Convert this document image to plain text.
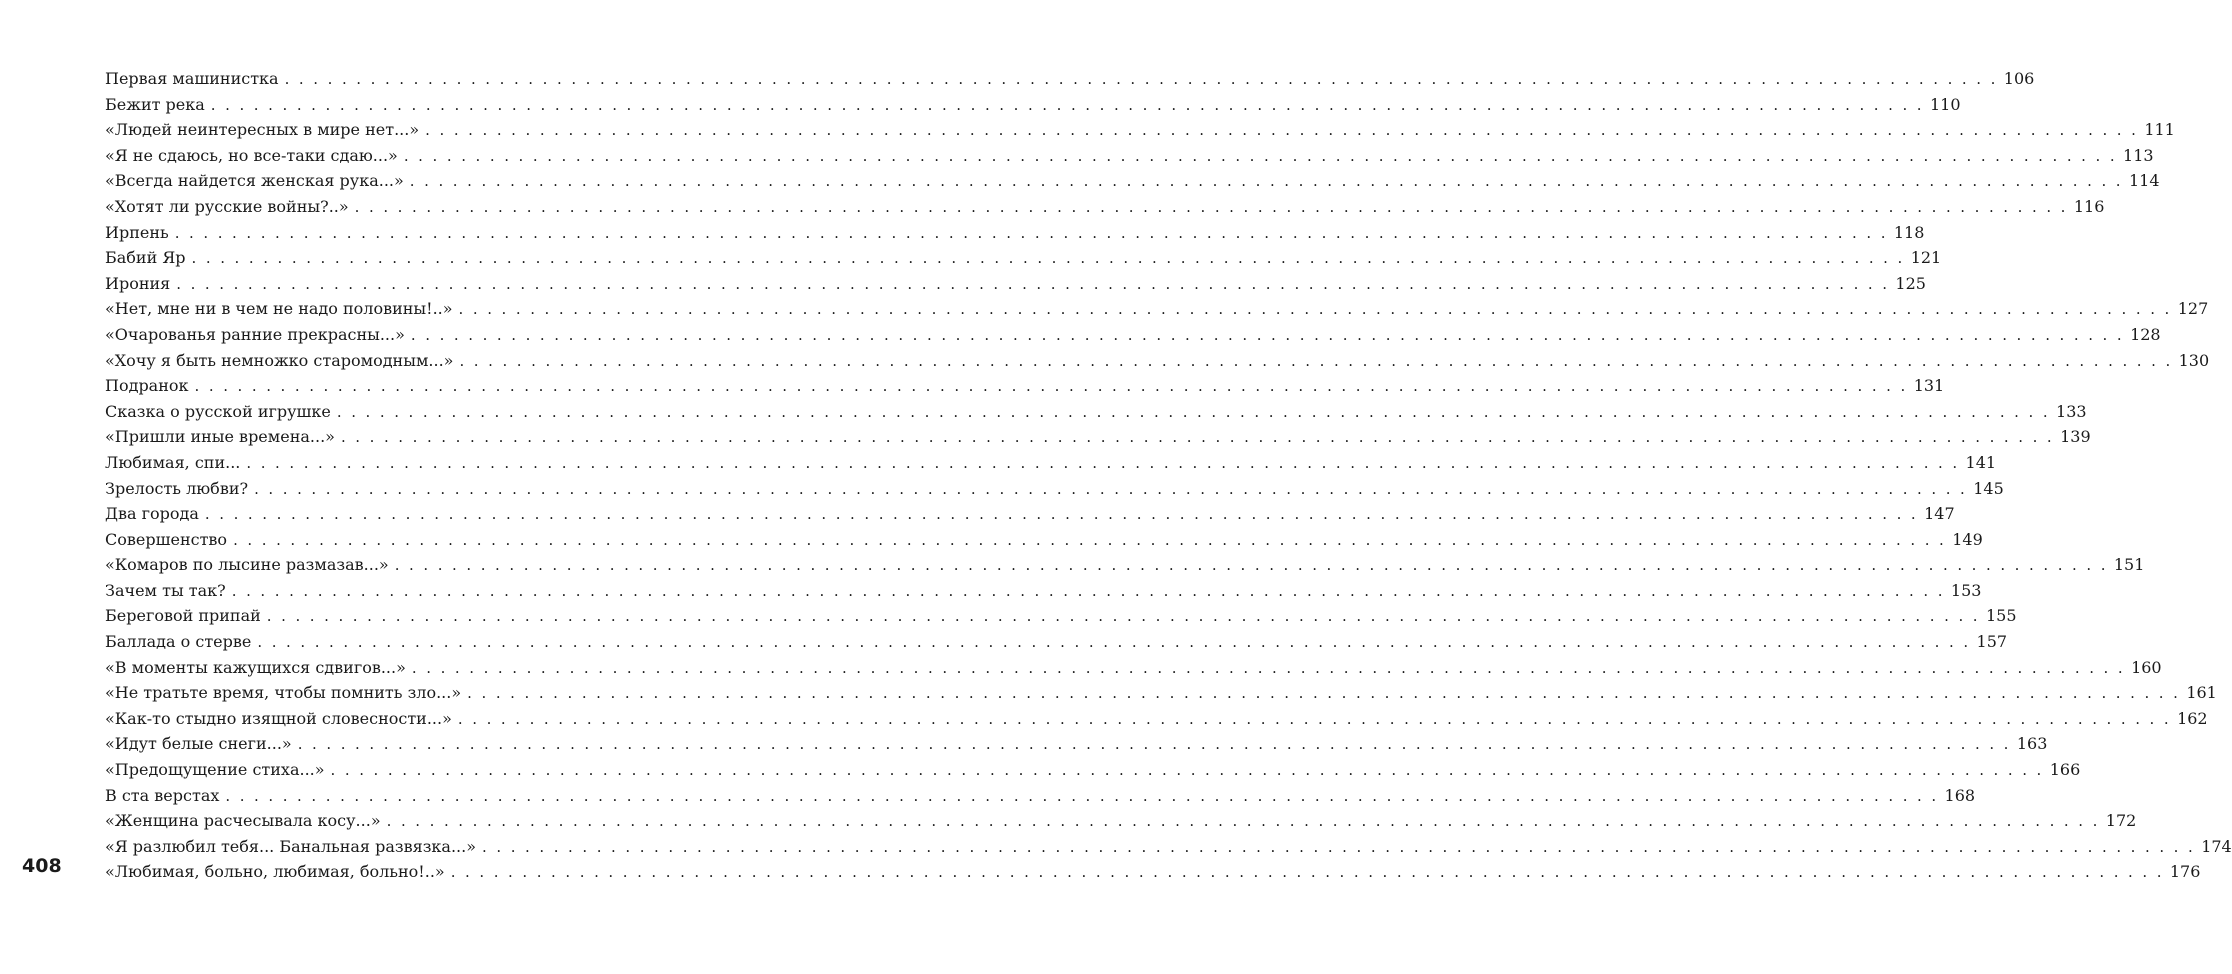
408
Первая машинистка . . . . . . . . . . . . . . . . . . . . . . . . . . . . . . . . . . . . . . . . . . . . . . . . . . . . . . . . . . . . . . . . . . . . . . . . . . . . . . . . . . . . . . . . . . . . . . . . . . . . . . . . . . . . . . . . . . . . . . . . 106
Бежит река . . . . . . . . . . . . . . . . . . . . . . . . . . . . . . . . . . . . . . . . . . . . . . . . . . . . . . . . . . . . . . . . . . . . . . . . . . . . . . . . . . . . . . . . . . . . . . . . . . . . . . . . . . . . . . . . . . . . . . . . 110
«Людей неинтересных в мире нет...» . . . . . . . . . . . . . . . . . . . . . . . . . . . . . . . . . . . . . . . . . . . . . . . . . . . . . . . . . . . . . . . . . . . . . . . . . . . . . . . . . . . . . . . . . . . . . . . . . . . . . . . . . . . . . . . . . . . . . . . . 111
«Я не сдаюсь, но все-таки сдаю...» . . . . . . . . . . . . . . . . . . . . . . . . . . . . . . . . . . . . . . . . . . . . . . . . . . . . . . . . . . . . . . . . . . . . . . . . . . . . . . . . . . . . . . . . . . . . . . . . . . . . . . . . . . . . . . . . . . . . . . . . 113
«Всегда найдется женская рука...» . . . . . . . . . . . . . . . . . . . . . . . . . . . . . . . . . . . . . . . . . . . . . . . . . . . . . . . . . . . . . . . . . . . . . . . . . . . . . . . . . . . . . . . . . . . . . . . . . . . . . . . . . . . . . . . . . . . . . . . . 114
«Хотят ли русские войны?..» . . . . . . . . . . . . . . . . . . . . . . . . . . . . . . . . . . . . . . . . . . . . . . . . . . . . . . . . . . . . . . . . . . . . . . . . . . . . . . . . . . . . . . . . . . . . . . . . . . . . . . . . . . . . . . . . . . . . . . . . 116
Ирпень . . . . . . . . . . . . . . . . . . . . . . . . . . . . . . . . . . . . . . . . . . . . . . . . . . . . . . . . . . . . . . . . . . . . . . . . . . . . . . . . . . . . . . . . . . . . . . . . . . . . . . . . . . . . . . . . . . . . . . . . 118
Бабий Яр . . . . . . . . . . . . . . . . . . . . . . . . . . . . . . . . . . . . . . . . . . . . . . . . . . . . . . . . . . . . . . . . . . . . . . . . . . . . . . . . . . . . . . . . . . . . . . . . . . . . . . . . . . . . . . . . . . . . . . . . 121
Ирония . . . . . . . . . . . . . . . . . . . . . . . . . . . . . . . . . . . . . . . . . . . . . . . . . . . . . . . . . . . . . . . . . . . . . . . . . . . . . . . . . . . . . . . . . . . . . . . . . . . . . . . . . . . . . . . . . . . . . . . . 125
«Нет, мне ни в чем не надо половины!..» . . . . . . . . . . . . . . . . . . . . . . . . . . . . . . . . . . . . . . . . . . . . . . . . . . . . . . . . . . . . . . . . . . . . . . . . . . . . . . . . . . . . . . . . . . . . . . . . . . . . . . . . . . . . . . . . . . . . . . . . 127
«Очарованья ранние прекрасны...» . . . . . . . . . . . . . . . . . . . . . . . . . . . . . . . . . . . . . . . . . . . . . . . . . . . . . . . . . . . . . . . . . . . . . . . . . . . . . . . . . . . . . . . . . . . . . . . . . . . . . . . . . . . . . . . . . . . . . . . . 128
«Хочу я быть немножко старомодным...» . . . . . . . . . . . . . . . . . . . . . . . . . . . . . . . . . . . . . . . . . . . . . . . . . . . . . . . . . . . . . . . . . . . . . . . . . . . . . . . . . . . . . . . . . . . . . . . . . . . . . . . . . . . . . . . . . . . . . . . . 130
Подранок . . . . . . . . . . . . . . . . . . . . . . . . . . . . . . . . . . . . . . . . . . . . . . . . . . . . . . . . . . . . . . . . . . . . . . . . . . . . . . . . . . . . . . . . . . . . . . . . . . . . . . . . . . . . . . . . . . . . . . . . 131
Сказка о русской игрушке . . . . . . . . . . . . . . . . . . . . . . . . . . . . . . . . . . . . . . . . . . . . . . . . . . . . . . . . . . . . . . . . . . . . . . . . . . . . . . . . . . . . . . . . . . . . . . . . . . . . . . . . . . . . . . . . . . . . . . . . 133
«Пришли иные времена...» . . . . . . . . . . . . . . . . . . . . . . . . . . . . . . . . . . . . . . . . . . . . . . . . . . . . . . . . . . . . . . . . . . . . . . . . . . . . . . . . . . . . . . . . . . . . . . . . . . . . . . . . . . . . . . . . . . . . . . . . 139
Любимая, спи... . . . . . . . . . . . . . . . . . . . . . . . . . . . . . . . . . . . . . . . . . . . . . . . . . . . . . . . . . . . . . . . . . . . . . . . . . . . . . . . . . . . . . . . . . . . . . . . . . . . . . . . . . . . . . . . . . . . . . . . . 141
Зрелость любви? . . . . . . . . . . . . . . . . . . . . . . . . . . . . . . . . . . . . . . . . . . . . . . . . . . . . . . . . . . . . . . . . . . . . . . . . . . . . . . . . . . . . . . . . . . . . . . . . . . . . . . . . . . . . . . . . . . . . . . . . 145
Два города . . . . . . . . . . . . . . . . . . . . . . . . . . . . . . . . . . . . . . . . . . . . . . . . . . . . . . . . . . . . . . . . . . . . . . . . . . . . . . . . . . . . . . . . . . . . . . . . . . . . . . . . . . . . . . . . . . . . . . . . 147
Совершенство . . . . . . . . . . . . . . . . . . . . . . . . . . . . . . . . . . . . . . . . . . . . . . . . . . . . . . . . . . . . . . . . . . . . . . . . . . . . . . . . . . . . . . . . . . . . . . . . . . . . . . . . . . . . . . . . . . . . . . . . 149
«Комаров по лысине размазав...» . . . . . . . . . . . . . . . . . . . . . . . . . . . . . . . . . . . . . . . . . . . . . . . . . . . . . . . . . . . . . . . . . . . . . . . . . . . . . . . . . . . . . . . . . . . . . . . . . . . . . . . . . . . . . . . . . . . . . . . . 151
Зачем ты так? . . . . . . . . . . . . . . . . . . . . . . . . . . . . . . . . . . . . . . . . . . . . . . . . . . . . . . . . . . . . . . . . . . . . . . . . . . . . . . . . . . . . . . . . . . . . . . . . . . . . . . . . . . . . . . . . . . . . . . . . 153
Береговой припай . . . . . . . . . . . . . . . . . . . . . . . . . . . . . . . . . . . . . . . . . . . . . . . . . . . . . . . . . . . . . . . . . . . . . . . . . . . . . . . . . . . . . . . . . . . . . . . . . . . . . . . . . . . . . . . . . . . . . . . . 155
Баллада о стерве . . . . . . . . . . . . . . . . . . . . . . . . . . . . . . . . . . . . . . . . . . . . . . . . . . . . . . . . . . . . . . . . . . . . . . . . . . . . . . . . . . . . . . . . . . . . . . . . . . . . . . . . . . . . . . . . . . . . . . . . 157
«В моменты кажущихся сдвигов...» . . . . . . . . . . . . . . . . . . . . . . . . . . . . . . . . . . . . . . . . . . . . . . . . . . . . . . . . . . . . . . . . . . . . . . . . . . . . . . . . . . . . . . . . . . . . . . . . . . . . . . . . . . . . . . . . . . . . . . . . 160
«Не тратьте время, чтобы помнить зло...» . . . . . . . . . . . . . . . . . . . . . . . . . . . . . . . . . . . . . . . . . . . . . . . . . . . . . . . . . . . . . . . . . . . . . . . . . . . . . . . . . . . . . . . . . . . . . . . . . . . . . . . . . . . . . . . . . . . . . . . . 161
«Как-то стыдно изящной словесности...» . . . . . . . . . . . . . . . . . . . . . . . . . . . . . . . . . . . . . . . . . . . . . . . . . . . . . . . . . . . . . . . . . . . . . . . . . . . . . . . . . . . . . . . . . . . . . . . . . . . . . . . . . . . . . . . . . . . . . . . . 162
«Идут белые снеги...» . . . . . . . . . . . . . . . . . . . . . . . . . . . . . . . . . . . . . . . . . . . . . . . . . . . . . . . . . . . . . . . . . . . . . . . . . . . . . . . . . . . . . . . . . . . . . . . . . . . . . . . . . . . . . . . . . . . . . . . . 163
«Предощущение стиха...» . . . . . . . . . . . . . . . . . . . . . . . . . . . . . . . . . . . . . . . . . . . . . . . . . . . . . . . . . . . . . . . . . . . . . . . . . . . . . . . . . . . . . . . . . . . . . . . . . . . . . . . . . . . . . . . . . . . . . . . . 166
В ста верстах . . . . . . . . . . . . . . . . . . . . . . . . . . . . . . . . . . . . . . . . . . . . . . . . . . . . . . . . . . . . . . . . . . . . . . . . . . . . . . . . . . . . . . . . . . . . . . . . . . . . . . . . . . . . . . . . . . . . . . . . 168
«Женщина расчесывала косу...» . . . . . . . . . . . . . . . . . . . . . . . . . . . . . . . . . . . . . . . . . . . . . . . . . . . . . . . . . . . . . . . . . . . . . . . . . . . . . . . . . . . . . . . . . . . . . . . . . . . . . . . . . . . . . . . . . . . . . . . . 172
«Я разлюбил тебя... Банальная развязка...» . . . . . . . . . . . . . . . . . . . . . . . . . . . . . . . . . . . . . . . . . . . . . . . . . . . . . . . . . . . . . . . . . . . . . . . . . . . . . . . . . . . . . . . . . . . . . . . . . . . . . . . . . . . . . . . . . . . . . . . . 174
«Любимая, больно, любимая, больно!..» . . . . . . . . . . . . . . . . . . . . . . . . . . . . . . . . . . . . . . . . . . . . . . . . . . . . . . . . . . . . . . . . . . . . . . . . . . . . . . . . . . . . . . . . . . . . . . . . . . . . . . . . . . . . . . . . . . . . . . . . 176
